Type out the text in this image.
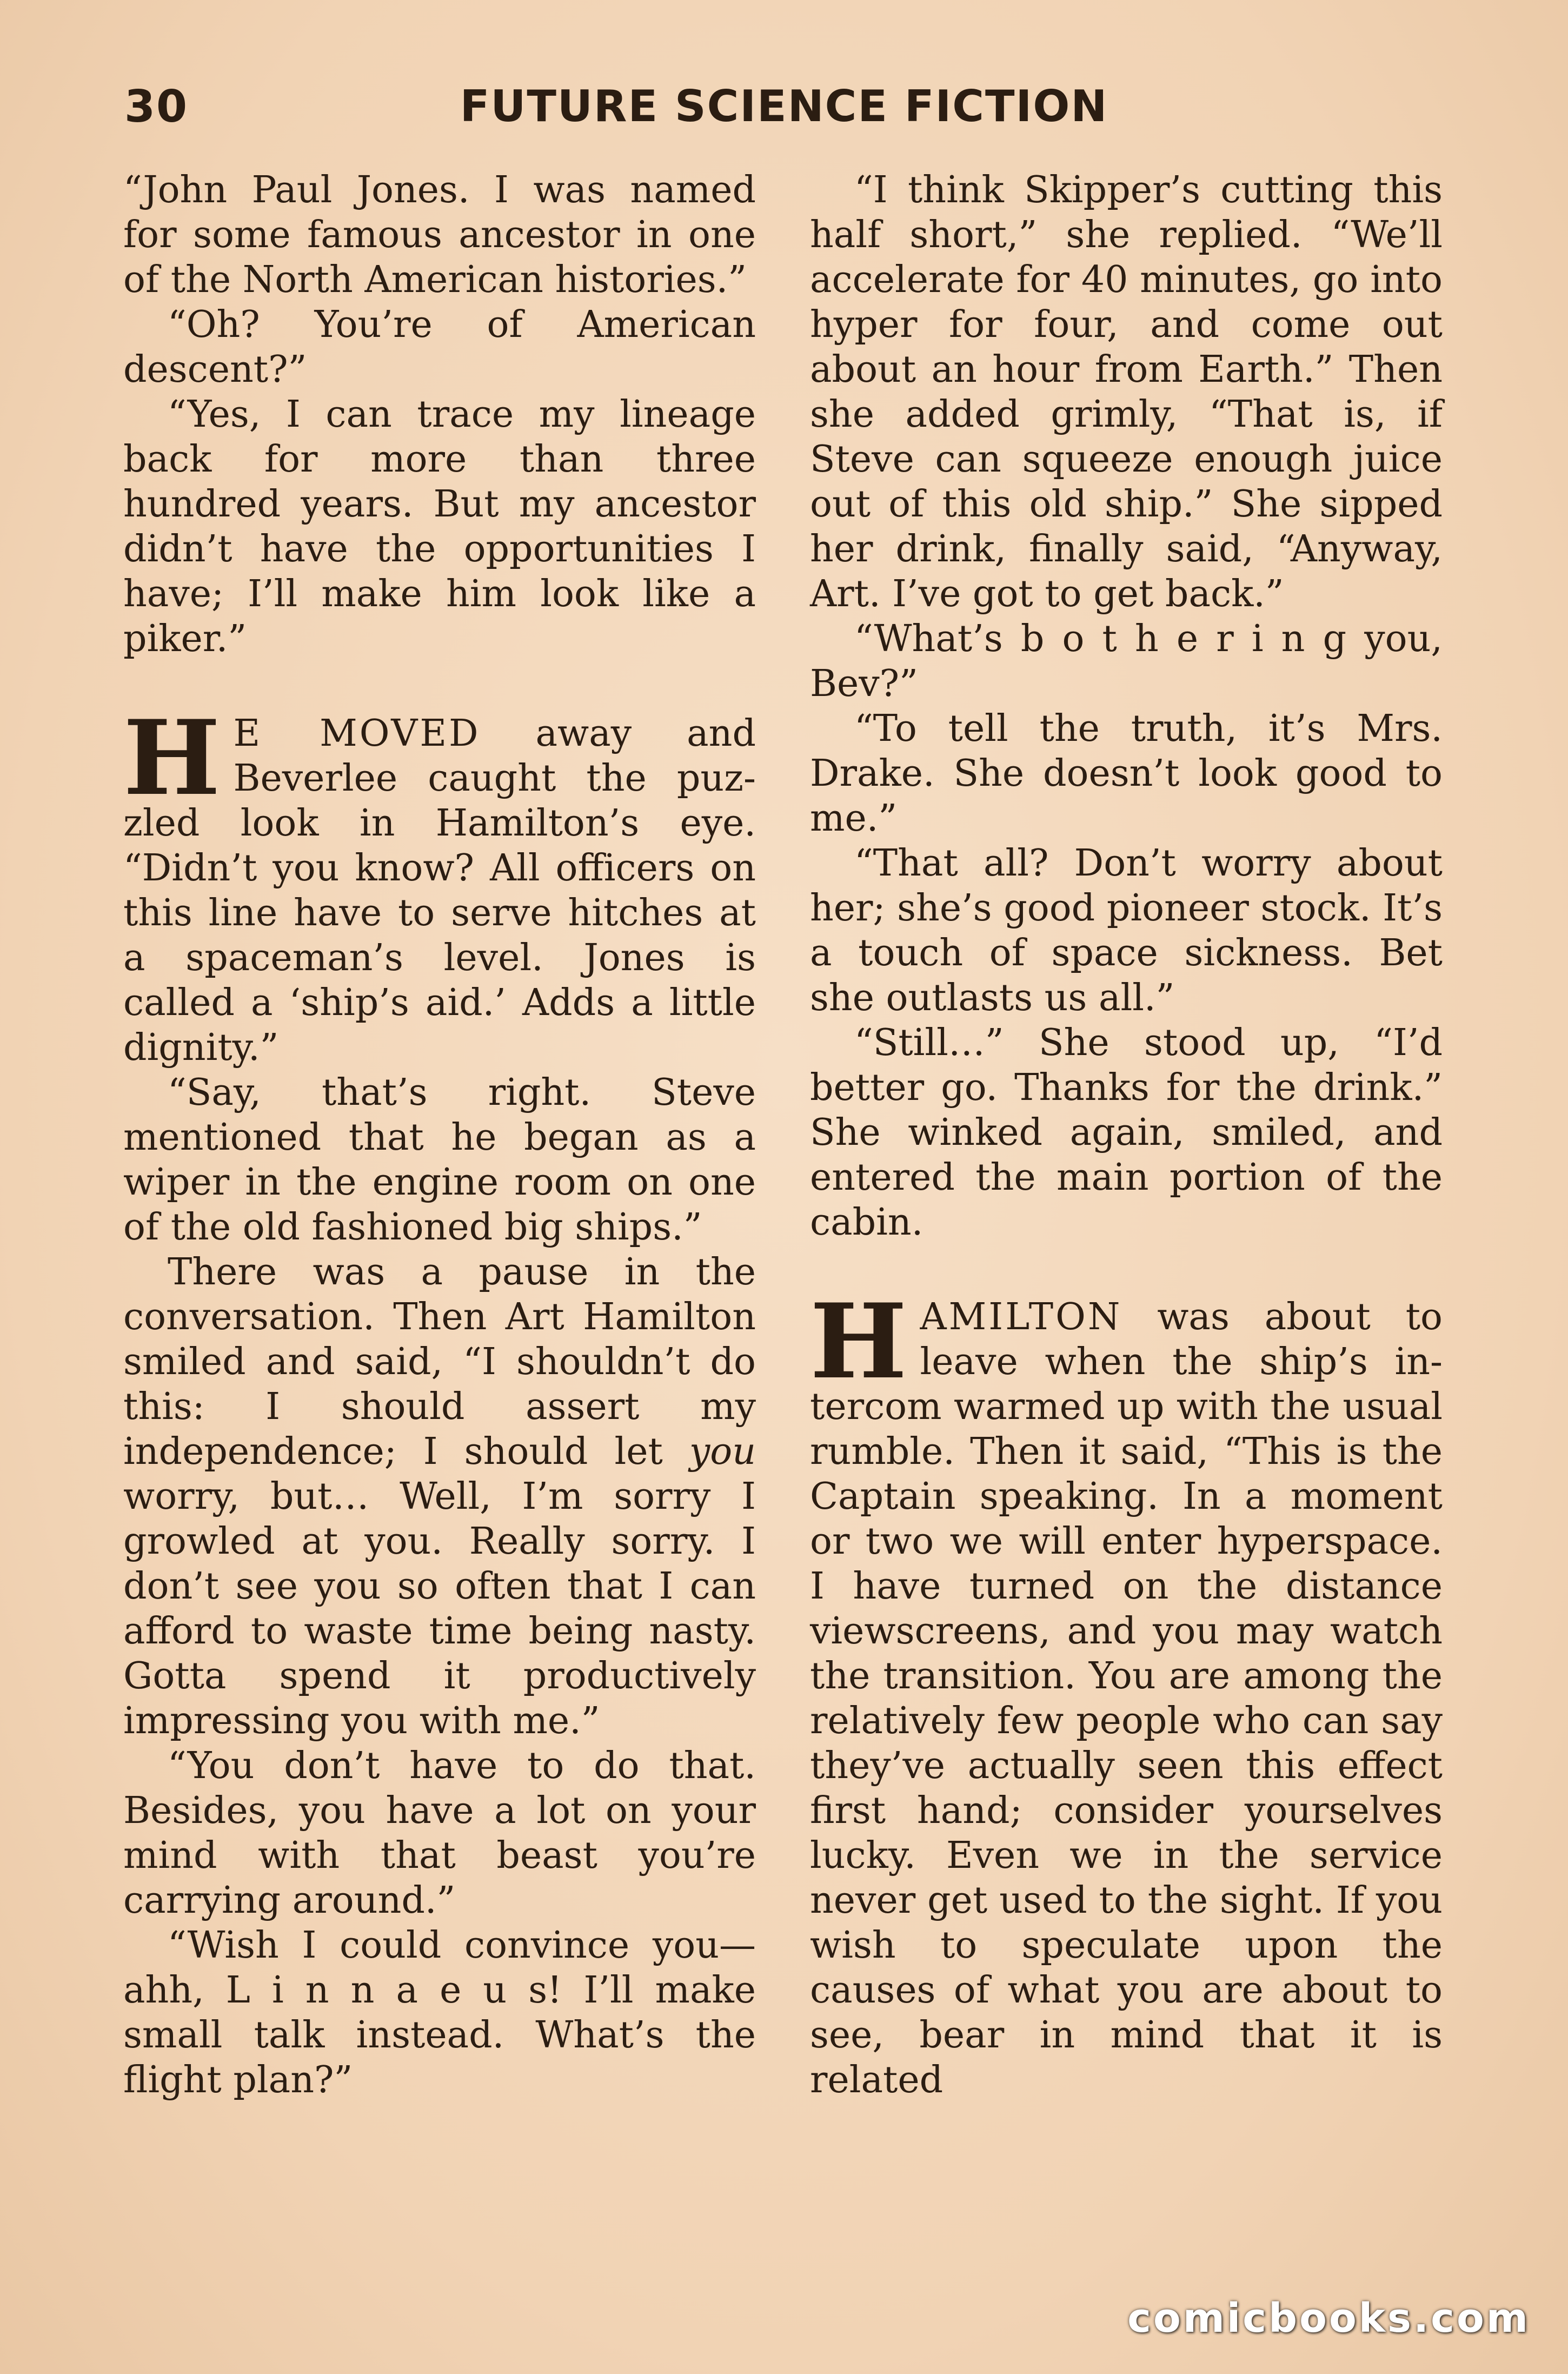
30	FUTURE SCIENCE FICTION

“John Paul Jones. I was named for some famous ancestor in one of the North American histories.”

“Oh? You’re of American descent?”

“Yes, I can trace my lineage back for more than three hundred years. But my ancestor didn’t have the opportunities I have; I’ll make him look like a piker.”

H E MOVED away and Beverlee caught the puzzled look in Hamilton’s eye. “Didn’t you know? All officers on this line have to serve hitches at a spaceman’s level. Jones is called a ‘ship’s aid.’ Adds a little dignity.”

“Say, that’s right. Steve mentioned that he began as a wiper in the engine room on one of the old fashioned big ships.”

There was a pause in the conversation. Then Art Hamilton smiled and said, “I shouldn’t do this: I should assert my independence; I should let you worry, but… Well, I’m sorry I growled at you. Really sorry. I don’t see you so often that I can afford to waste time being nasty. Gotta spend it productively impressing you with me.”

“You don’t have to do that. Besides, you have a lot on your mind with that beast you’re carrying around.”

“Wish I could convince you—ahh, L i n n a e u s! I’ll make small talk instead. What’s the flight plan?”

“I think Skipper’s cutting this half short,” she replied. “We’ll accelerate for 40 minutes, go into hyper for four, and come out about an hour from Earth.” Then she added grimly, “That is, if Steve can squeeze enough juice out of this old ship.” She sipped her drink, finally said, “Anyway, Art. I’ve got to get back.”

“What’s b o t h e r i n g you, Bev?”

“To tell the truth, it’s Mrs. Drake. She doesn’t look good to me.”

“That all? Don’t worry about her; she’s good pioneer stock. It’s a touch of space sickness. Bet she outlasts us all.”

“Still…” She stood up, “I’d better go. Thanks for the drink.” She winked again, smiled, and entered the main portion of the cabin.

HAMILTON was about to leave when the ship’s intercom warmed up with the usual rumble. Then it said, “This is the Captain speaking. In a moment or two we will enter hyperspace. I have turned on the distance viewscreens, and you may watch the transition. You are among the relatively few people who can say they’ve actually seen this effect first hand; consider yourselves lucky. Even we in the service never get used to the sight. If you wish to speculate upon the causes of what you are about to see, bear in mind that it is related

comicbooks.com
